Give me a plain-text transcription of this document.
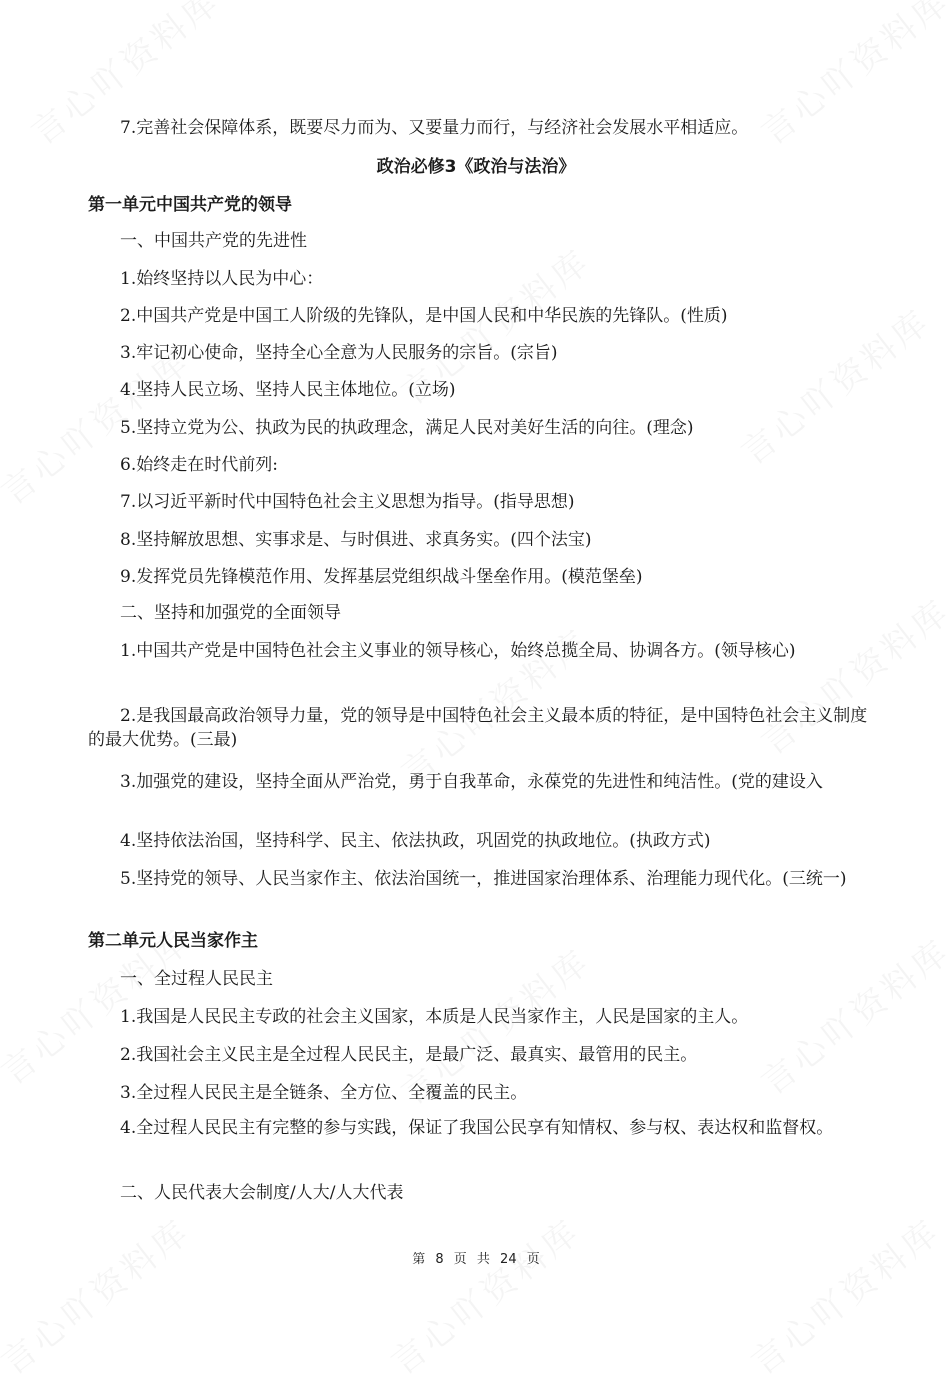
7.完善社会保障体系，既要尽力而为、又要量力而行，与经济社会发展水平相适应。
政治必修3《政治与法治》
第一单元中国共产党的领导
一、中国共产党的先进性
1.始终坚持以人民为中心：
2.中国共产党是中国工人阶级的先锋队，是中国人民和中华民族的先锋队。(性质)
3.牢记初心使命，坚持全心全意为人民服务的宗旨。(宗旨)
4.坚持人民立场、坚持人民主体地位。(立场)
5.坚持立党为公、执政为民的执政理念，满足人民对美好生活的向往。(理念)
6.始终走在时代前列:
7.以习近平新时代中国特色社会主义思想为指导。(指导思想)
8.坚持解放思想、实事求是、与时俱进、求真务实。(四个法宝)
9.发挥党员先锋模范作用、发挥基层党组织战斗堡垒作用。(模范堡垒)
二、坚持和加强党的全面领导
1.中国共产党是中国特色社会主义事业的领导核心，始终总揽全局、协调各方。(领导核心)
2.是我国最高政治领导力量，党的领导是中国特色社会主义最本质的特征，是中国特色社会主义制度的最大优势。(三最)
3.加强党的建设，坚持全面从严治党，勇于自我革命，永葆党的先进性和纯洁性。(党的建设入
4.坚持依法治国，坚持科学、民主、依法执政，巩固党的执政地位。(执政方式)
5.坚持党的领导、人民当家作主、依法治国统一，推进国家治理体系、治理能力现代化。(三统一)
第二单元人民当家作主
一、全过程人民民主
1.我国是人民民主专政的社会主义国家，本质是人民当家作主，人民是国家的主人。
2.我国社会主义民主是全过程人民民主，是最广泛、最真实、最管用的民主。
3.全过程人民民主是全链条、全方位、全覆盖的民主。
4.全过程人民民主有完整的参与实践，保证了我国公民享有知情权、参与权、表达权和监督权。
二、人民代表大会制度/人大/人大代表
第 8 页 共 24 页
